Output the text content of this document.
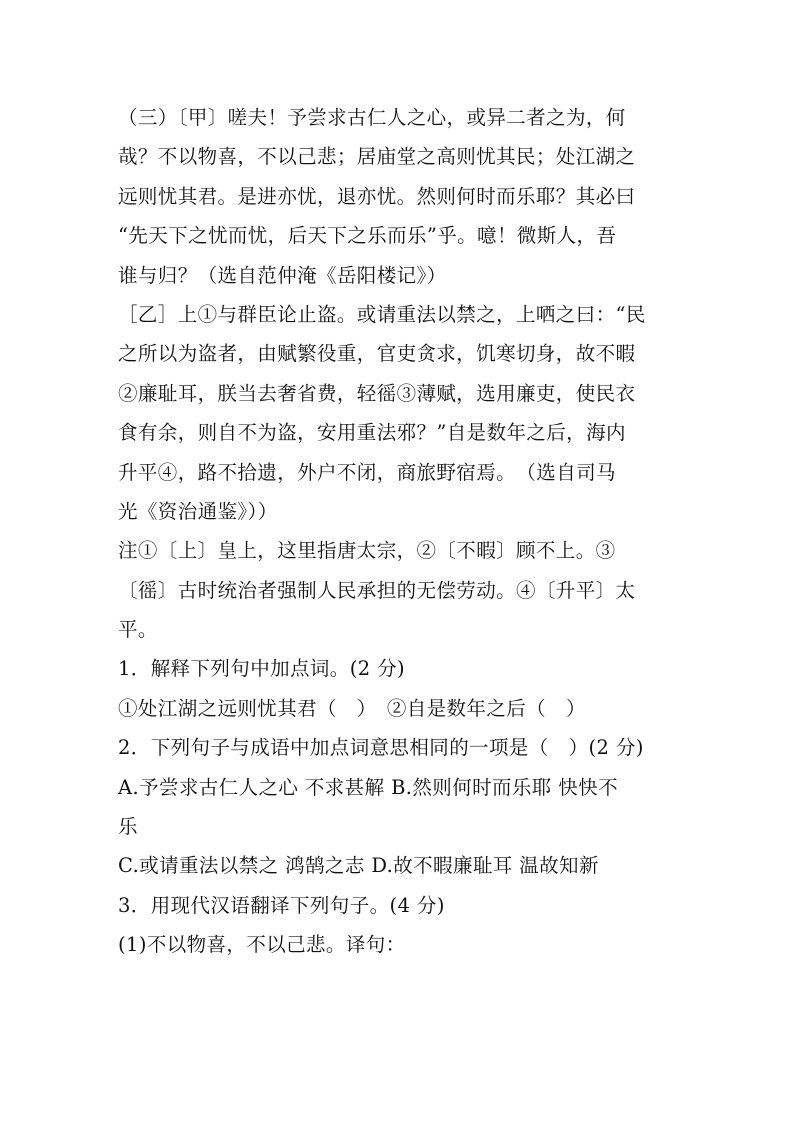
（三）〔甲〕嗟夫！予尝求古仁人之心，或异二者之为，何
哉？不以物喜，不以己悲；居庙堂之高则忧其民；处江湖之
远则忧其君。是进亦忧，退亦忧。然则何时而乐耶？其必曰
“先天下之忧而忧，后天下之乐而乐”乎。噫！微斯人，吾
谁与归？（选自范仲淹《岳阳楼记》）
［乙］上①与群臣论止盗。或请重法以禁之，上哂之曰：“民
之所以为盗者，由赋繁役重，官吏贪求，饥寒切身，故不暇
②廉耻耳，朕当去奢省费，轻徭③薄赋，选用廉吏，使民衣
食有余，则自不为盗，安用重法邪？”自是数年之后，海内
升平④，路不拾遗，外户不闭，商旅野宿焉。　（选自司马
光《资治通鉴》））
注①〔上〕皇上，这里指唐太宗，②〔不暇〕顾不上。③
〔徭〕古时统治者强制人民承担的无偿劳动。④〔升平〕太
平。
1．解释下列句中加点词。(2 分)
①处江湖之远则忧其君（　）　②自是数年之后（　）
2．下列句子与成语中加点词意思相同的一项是（　）(2 分)
A.予尝求古仁人之心 不求甚解 B.然则何时而乐耶 快快不
乐
C.或请重法以禁之 鸿鹄之志 D.故不暇廉耻耳 温故知新
3．用现代汉语翻译下列句子。(4 分)
(1)不以物喜，不以己悲。译句：
